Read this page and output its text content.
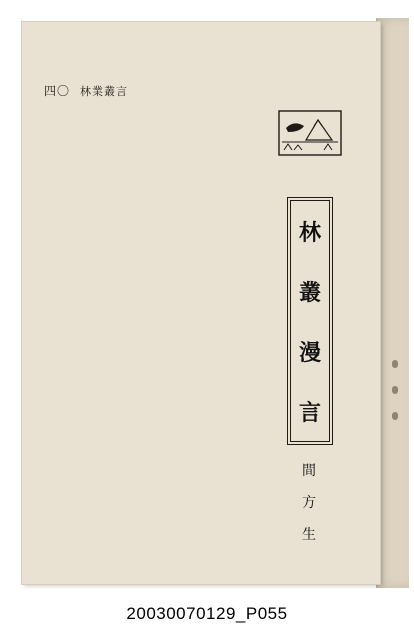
四〇 林業叢言
林
叢
漫
言
間
方
生
20030070129_P055
